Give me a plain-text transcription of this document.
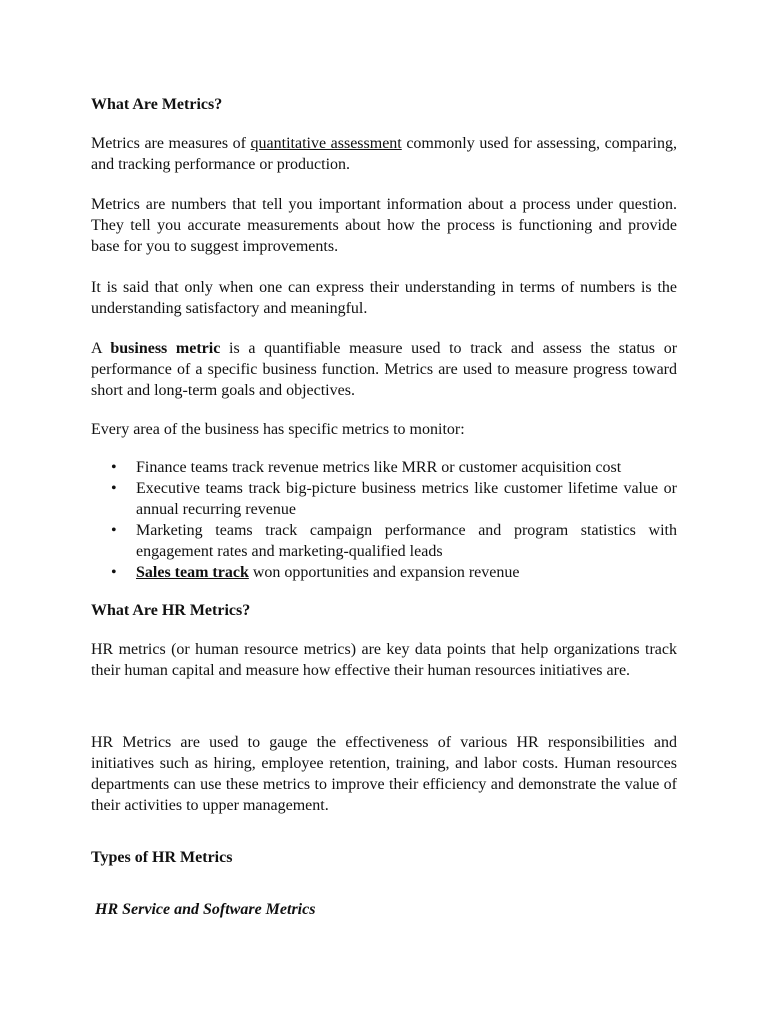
What Are Metrics?

Metrics are measures of quantitative assessment commonly used for assessing, comparing, and tracking performance or production.

Metrics are numbers that tell you important information about a process under question. They tell you accurate measurements about how the process is functioning and provide base for you to suggest improvements.

It is said that only when one can express their understanding in terms of numbers is the understanding satisfactory and meaningful.

A business metric is a quantifiable measure used to track and assess the status or performance of a specific business function. Metrics are used to measure progress toward short and long-term goals and objectives.

Every area of the business has specific metrics to monitor:

• Finance teams track revenue metrics like MRR or customer acquisition cost
• Executive teams track big-picture business metrics like customer lifetime value or annual recurring revenue
• Marketing teams track campaign performance and program statistics with engagement rates and marketing-qualified leads
• Sales team track won opportunities and expansion revenue
What Are HR Metrics?

HR metrics (or human resource metrics) are key data points that help organizations track their human capital and measure how effective their human resources initiatives are.

HR Metrics are used to gauge the effectiveness of various HR responsibilities and initiatives such as hiring, employee retention, training, and labor costs. Human resources departments can use these metrics to improve their efficiency and demonstrate the value of their activities to upper management.

Types of HR Metrics

HR Service and Software Metrics
